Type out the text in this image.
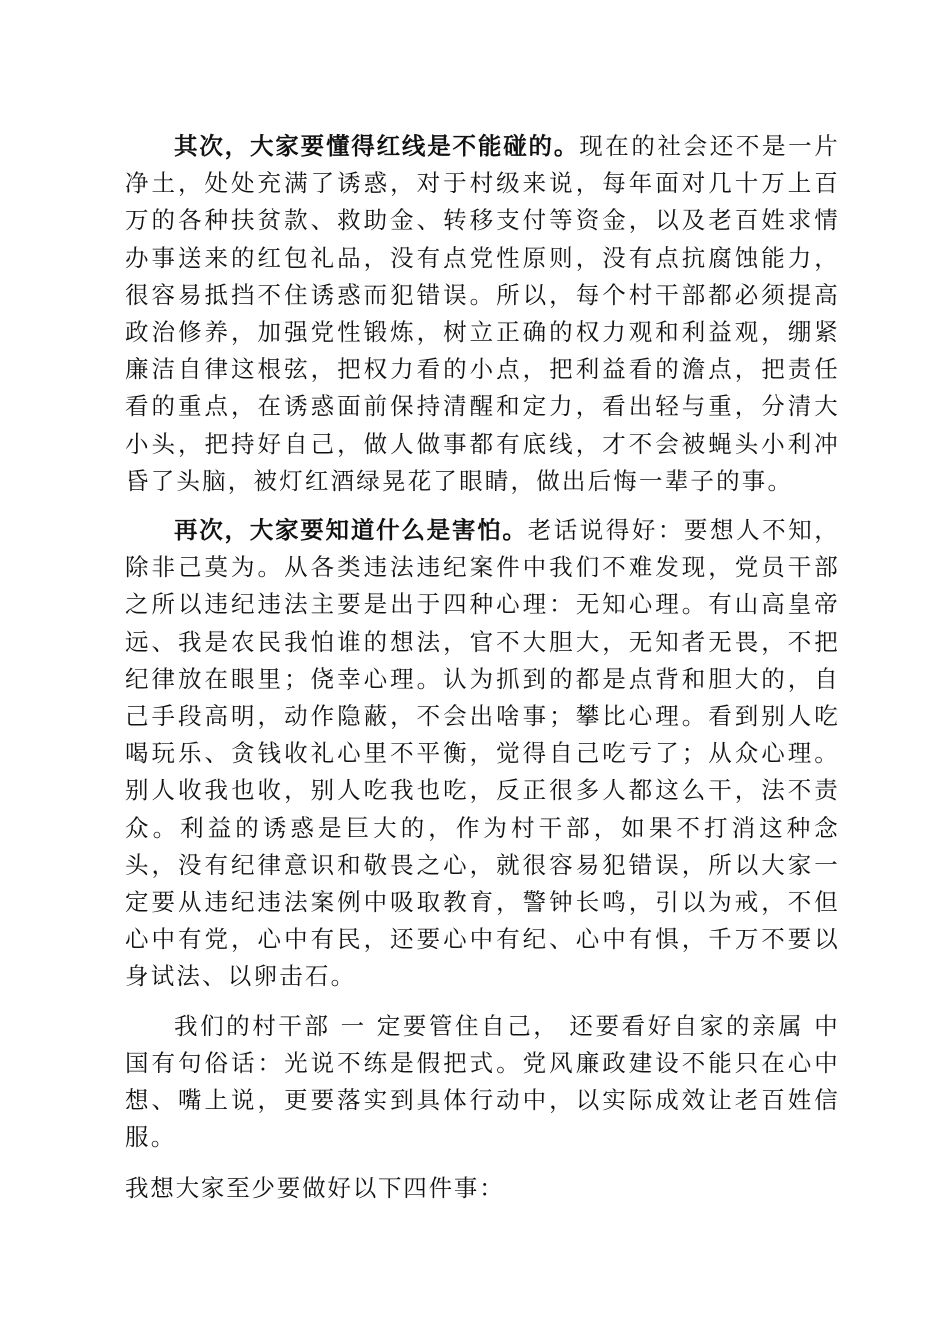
其次，大家要懂得红线是不能碰的。现在的社会还不是一片净土，处处充满了诱惑，对于村级来说，每年面对几十万上百万的各种扶贫款、救助金、转移支付等资金，以及老百姓求情办事送来的红包礼品，没有点党性原则，没有点抗腐蚀能力，很容易抵挡不住诱惑而犯错误。所以，每个村干部都必须提高政治修养，加强党性锻炼，树立正确的权力观和利益观，绷紧廉洁自律这根弦，把权力看的小点，把利益看的澹点，把责任看的重点，在诱惑面前保持清醒和定力，看出轻与重，分清大小头，把持好自己，做人做事都有底线，才不会被蝇头小利冲昏了头脑，被灯红酒绿晃花了眼睛，做出后悔一辈子的事。

再次，大家要知道什么是害怕。老话说得好：要想人不知，除非己莫为。从各类违法违纪案件中我们不难发现，党员干部之所以违纪违法主要是出于四种心理：无知心理。有山高皇帝远、我是农民我怕谁的想法，官不大胆大，无知者无畏，不把纪律放在眼里；侥幸心理。认为抓到的都是点背和胆大的，自己手段高明，动作隐蔽，不会出啥事；攀比心理。看到别人吃喝玩乐、贪钱收礼心里不平衡，觉得自己吃亏了；从众心理。别人收我也收，别人吃我也吃，反正很多人都这么干，法不责众。利益的诱惑是巨大的，作为村干部，如果不打消这种念头，没有纪律意识和敬畏之心，就很容易犯错误，所以大家一定要从违纪违法案例中吸取教育，警钟长鸣，引以为戒，不但心中有党，心中有民，还要心中有纪、心中有惧，千万不要以身试法、以卵击石。

我们的村干部 一 定要管住自己， 还要看好自家的亲属 中国有句俗话：光说不练是假把式。党风廉政建设不能只在心中 想、嘴上说，更要落实到具体行动中，以实际成效让老百姓信服。

我想大家至少要做好以下四件事：
